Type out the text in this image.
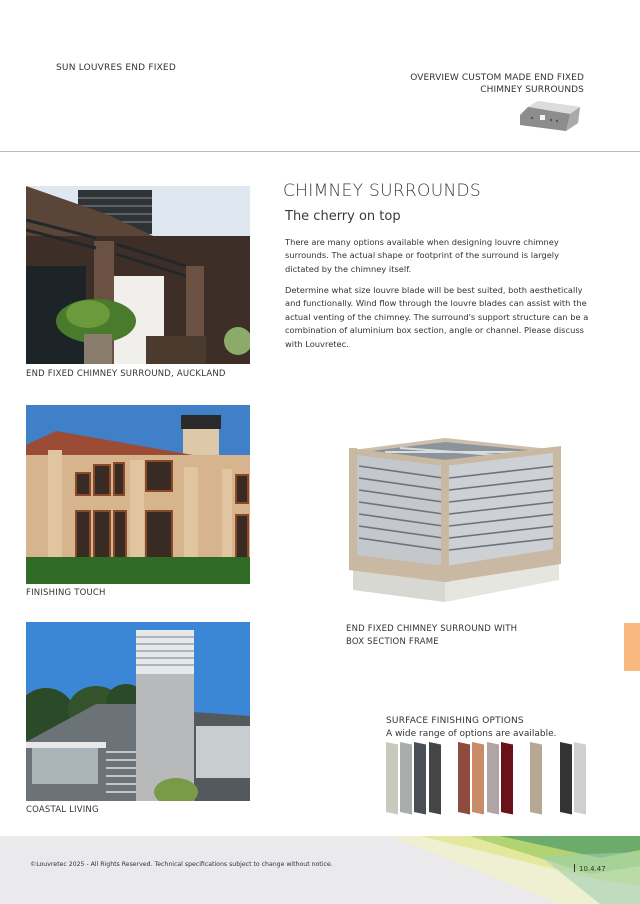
SUN LOUVRES END FIXED
OVERVIEW CUSTOM MADE END FIXED
CHIMNEY SURROUNDS
END FIXED CHIMNEY SURROUND, AUCKLAND
FINISHING TOUCH
COASTAL LIVING
CHIMNEY SURROUNDS
The cherry on top
There are many options available when designing louvre chimney surrounds. The actual shape or footprint of the surround is largely dictated by the chimney itself.
Determine what size louvre blade will be best suited, both aesthetically and functionally. Wind flow through the louvre blades can assist with the actual venting of the chimney. The surround's support structure can be a combination of aluminium box section, angle or channel. Please discuss with Louvretec.
END FIXED CHIMNEY SURROUND WITH
BOX SECTION FRAME
SURFACE FINISHING OPTIONS
A wide range of options are available.
©Louvretec 2025 - All Rights Reserved. Technical specifications subject to change without notice.
10.4.47
